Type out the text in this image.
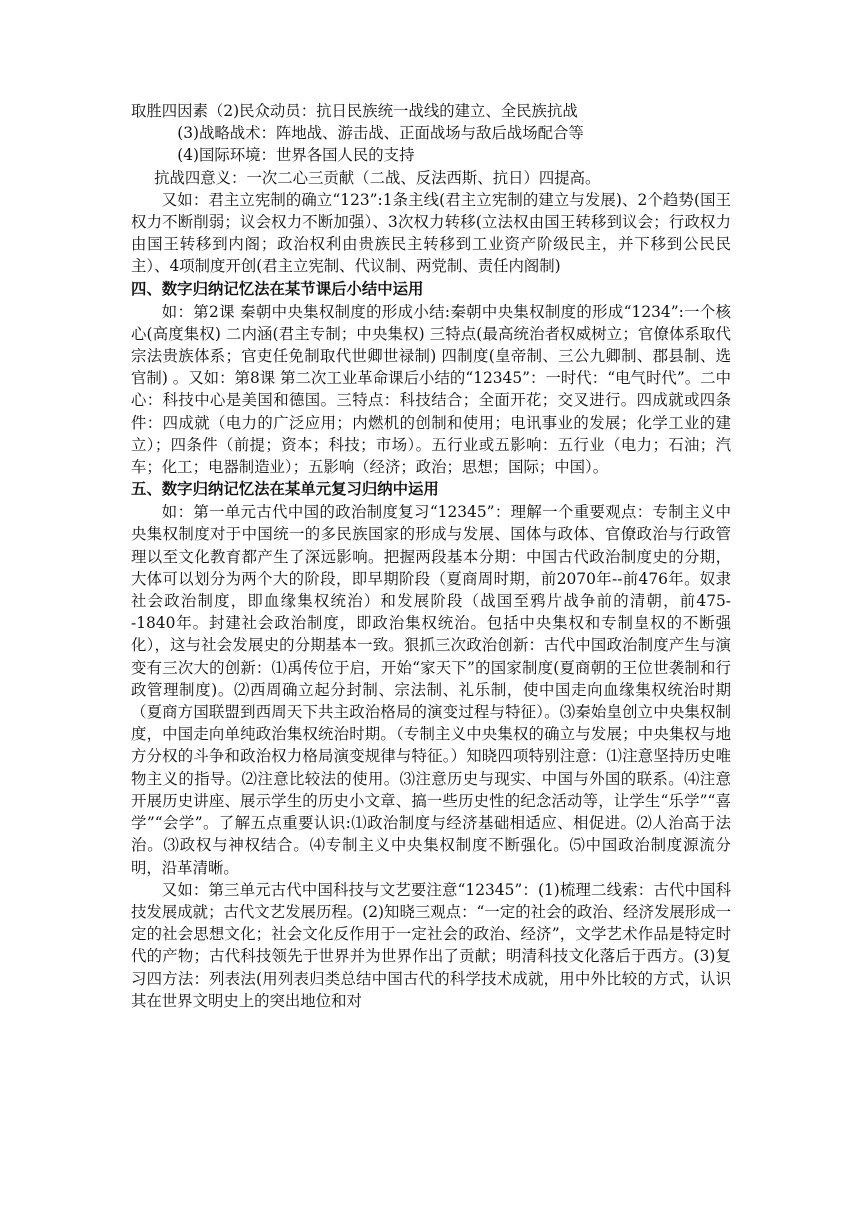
取胜四因素（2)民众动员：抗日民族统一战线的建立、全民族抗战

(3)战略战术：阵地战、游击战、正面战场与敌后战场配合等

(4)国际环境：世界各国人民的支持

抗战四意义：一次二心三贡献（二战、反法西斯、抗日）四提高。

又如：君主立宪制的确立“123”:1条主线(君主立宪制的建立与发展)、2个趋势(国王权力不断削弱；议会权力不断加强）、3次权力转移(立法权由国王转移到议会；行政权力由国王转移到内阁；政治权利由贵族民主转移到工业资产阶级民主，并下移到公民民主）、4项制度开创(君主立宪制、代议制、两党制、责任内阁制)

四、数字归纳记忆法在某节课后小结中运用

如：第2课 秦朝中央集权制度的形成小结:秦朝中央集权制度的形成“1234”:一个核心(高度集权) 二内涵(君主专制；中央集权) 三特点(最高统治者权威树立；官僚体系取代宗法贵族体系；官吏任免制取代世卿世禄制) 四制度(皇帝制、三公九卿制、郡县制、选官制) 。又如：第8课 第二次工业革命课后小结的“12345”：一时代：“电气时代”。二中心：科技中心是美国和德国。三特点：科技结合；全面开花；交叉进行。四成就或四条件：四成就（电力的广泛应用；内燃机的创制和使用；电讯事业的发展；化学工业的建立）；四条件（前提；资本；科技；市场）。五行业或五影响：五行业（电力；石油；汽车；化工；电器制造业）；五影响（经济；政治；思想；国际；中国）。

五、数字归纳记忆法在某单元复习归纳中运用

如：第一单元古代中国的政治制度复习“12345”：理解一个重要观点：专制主义中央集权制度对于中国统一的多民族国家的形成与发展、国体与政体、官僚政治与行政管理以至文化教育都产生了深远影响。把握两段基本分期：中国古代政治制度史的分期，大体可以划分为两个大的阶段，即早期阶段（夏商周时期，前2070年--前476年。奴隶社会政治制度，即血缘集权统治）和发展阶段（战国至鸦片战争前的清朝，前475--1840年。封建社会政治制度，即政治集权统治。包括中央集权和专制皇权的不断强化），这与社会发展史的分期基本一致。狠抓三次政治创新：古代中国政治制度产生与演变有三次大的创新：⑴禹传位于启，开始“家天下”的国家制度(夏商朝的王位世袭制和行政管理制度)。⑵西周确立起分封制、宗法制、礼乐制，使中国走向血缘集权统治时期（夏商方国联盟到西周天下共主政治格局的演变过程与特征）。⑶秦始皇创立中央集权制度，中国走向单纯政治集权统治时期。（专制主义中央集权的确立与发展；中央集权与地方分权的斗争和政治权力格局演变规律与特征。）知晓四项特别注意：⑴注意坚持历史唯物主义的指导。⑵注意比较法的使用。⑶注意历史与现实、中国与外国的联系。⑷注意开展历史讲座、展示学生的历史小文章、搞一些历史性的纪念活动等，让学生“乐学”“喜学”“会学”。了解五点重要认识:⑴政治制度与经济基础相适应、相促进。⑵人治高于法治。⑶政权与神权结合。⑷专制主义中央集权制度不断强化。⑸中国政治制度源流分明，沿革清晰。

又如：第三单元古代中国科技与文艺要注意“12345”：(1)梳理二线索：古代中国科技发展成就；古代文艺发展历程。(2)知晓三观点：“一定的社会的政治、经济发展形成一定的社会思想文化；社会文化反作用于一定社会的政治、经济”，文学艺术作品是特定时代的产物；古代科技领先于世界并为世界作出了贡献；明清科技文化落后于西方。(3)复习四方法：列表法(用列表归类总结中国古代的科学技术成就，用中外比较的方式，认识其在世界文明史上的突出地位和对
